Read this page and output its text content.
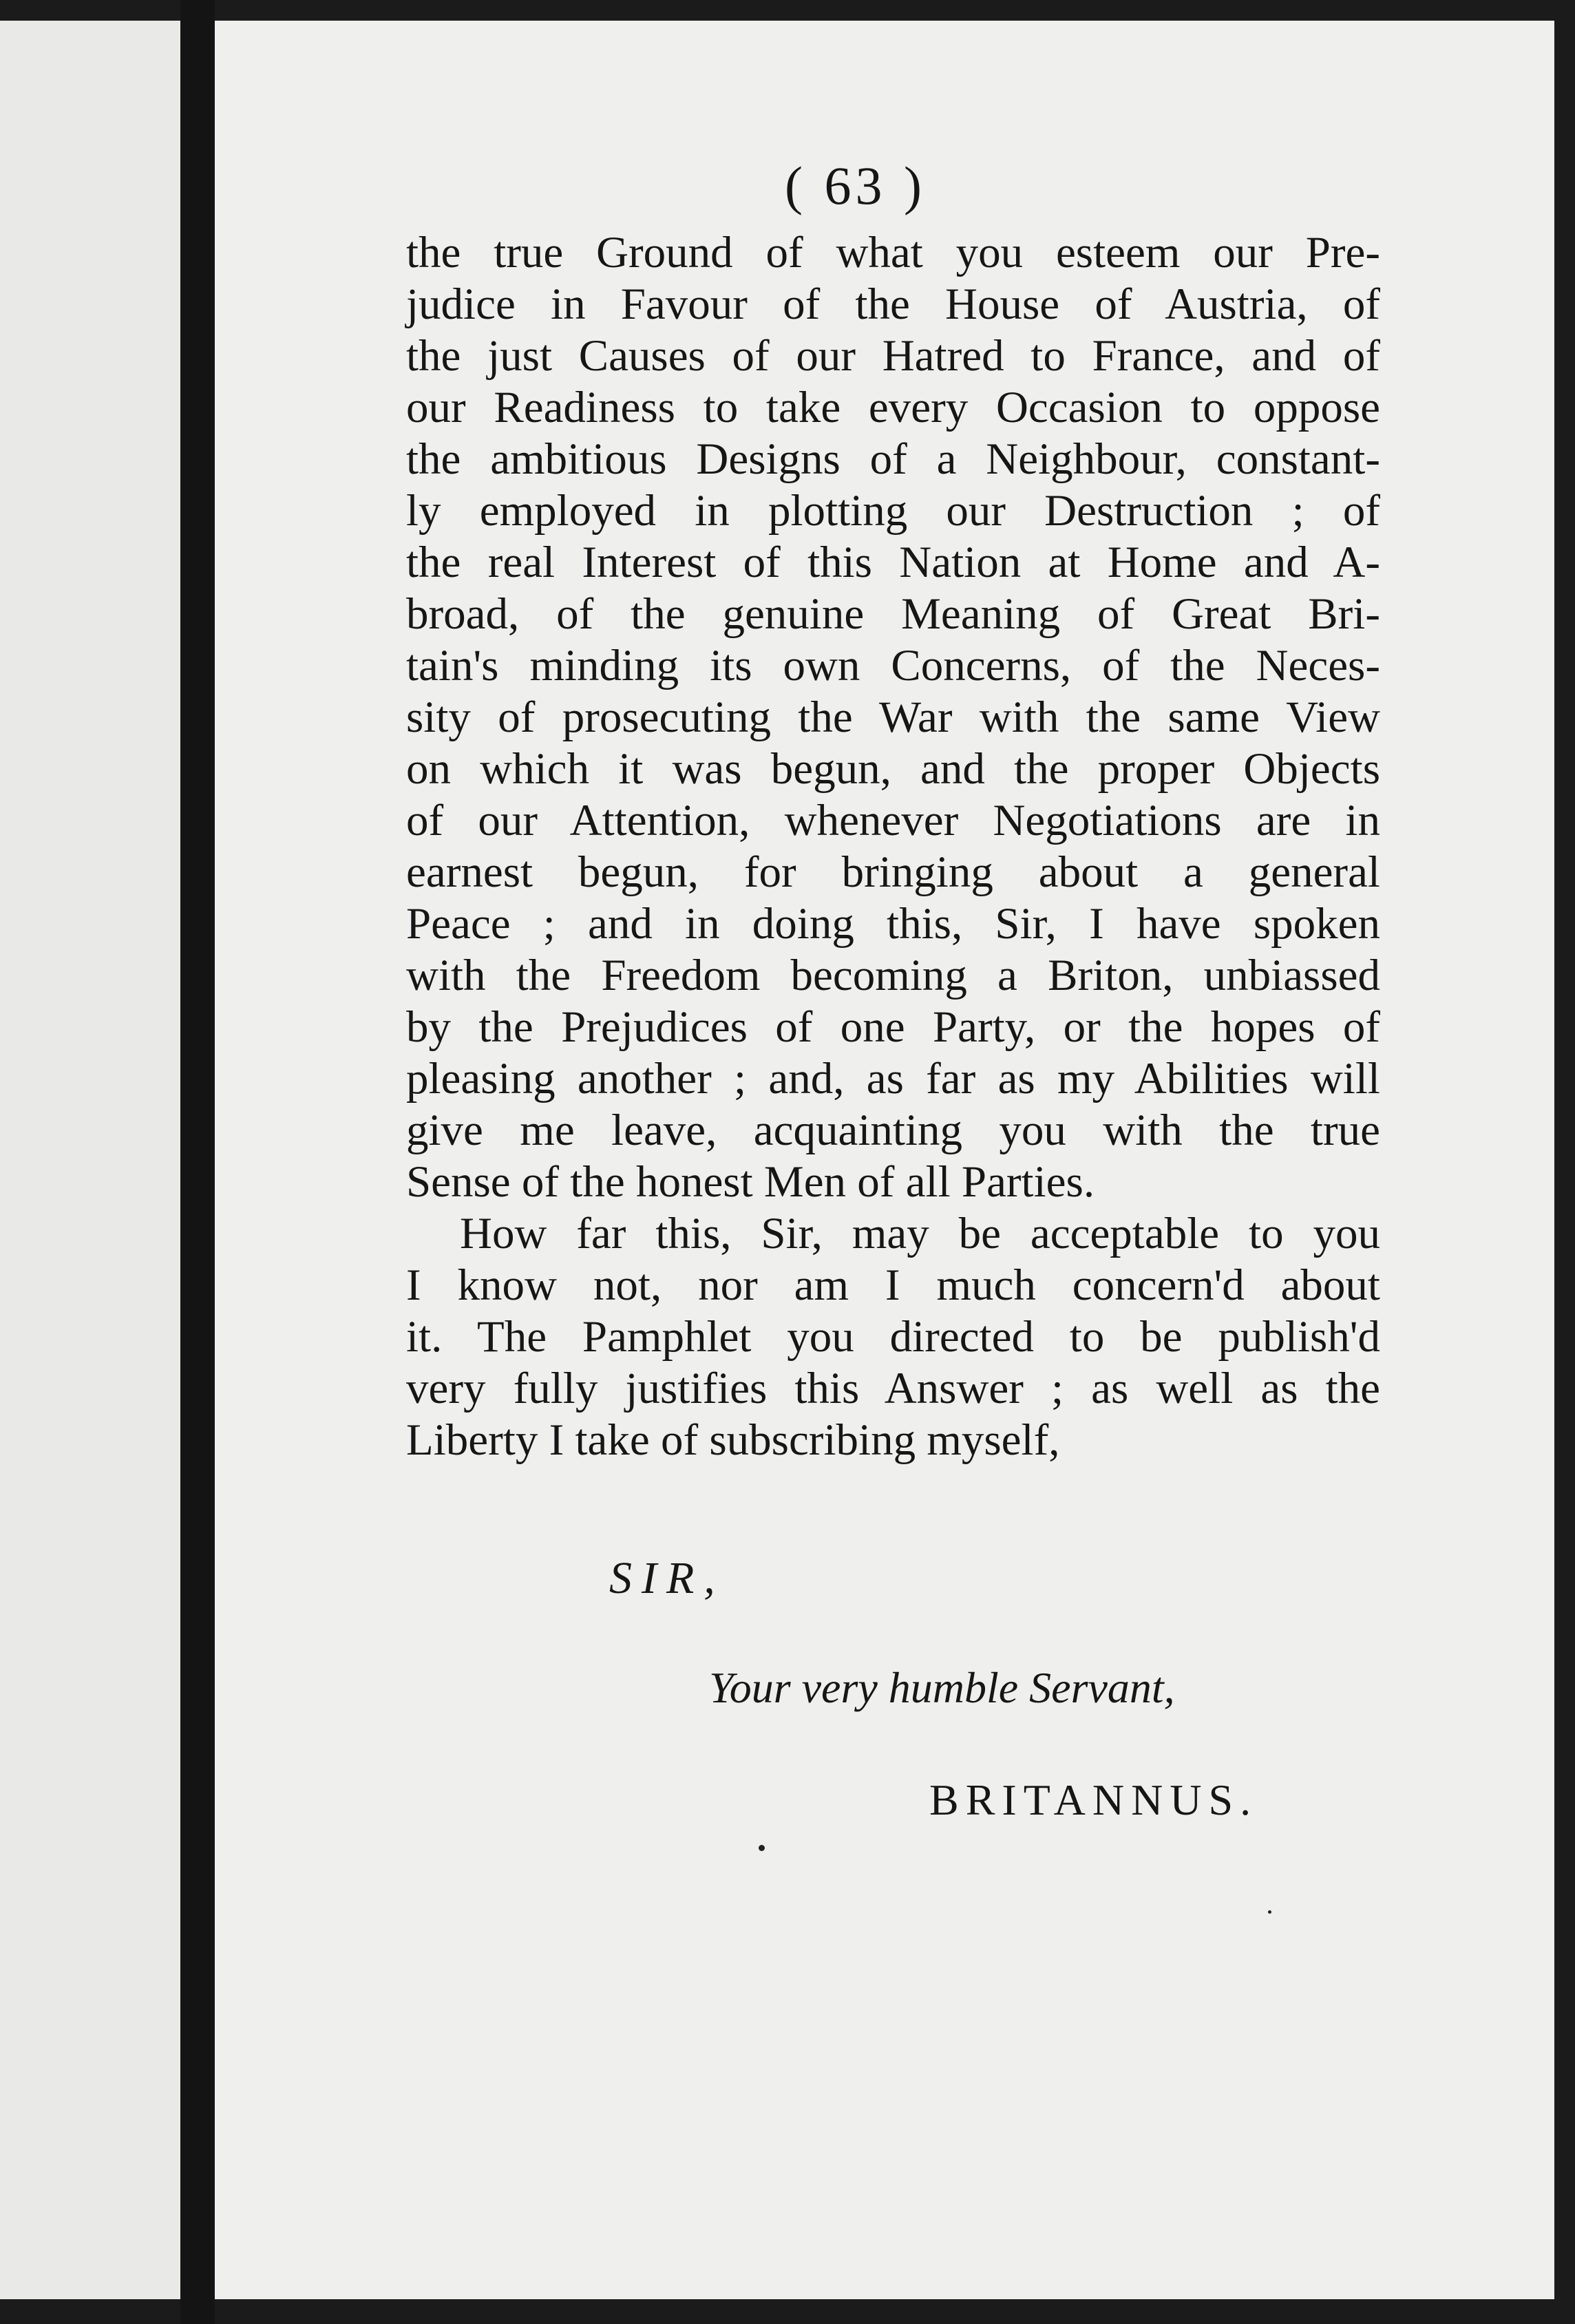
( 63 )
the true Ground of what you esteem our Pre-
judice in Favour of the House of Austria, of
the just Causes of our Hatred to France, and of
our Readiness to take every Occasion to oppose
the ambitious Designs of a Neighbour, constant-
ly employed in plotting our Destruction ; of
the real Interest of this Nation at Home and A-
broad, of the genuine Meaning of Great Bri-
tain's minding its own Concerns, of the Neces-
sity of prosecuting the War with the same View
on which it was begun, and the proper Objects
of our Attention, whenever Negotiations are in
earnest begun, for bringing about a general
Peace ; and in doing this, Sir, I have spoken
with the Freedom becoming a Briton, unbiassed
by the Prejudices of one Party, or the hopes of
pleasing another ; and, as far as my Abilities will
give me leave, acquainting you with the true
Sense of the honest Men of all Parties.
How far this, Sir, may be acceptable to you
I know not, nor am I much concern'd about
it. The Pamphlet you directed to be publish'd
very fully justifies this Answer ; as well as the
Liberty I take of subscribing myself,
SIR,
Your very humble Servant,
BRITANNUS.
